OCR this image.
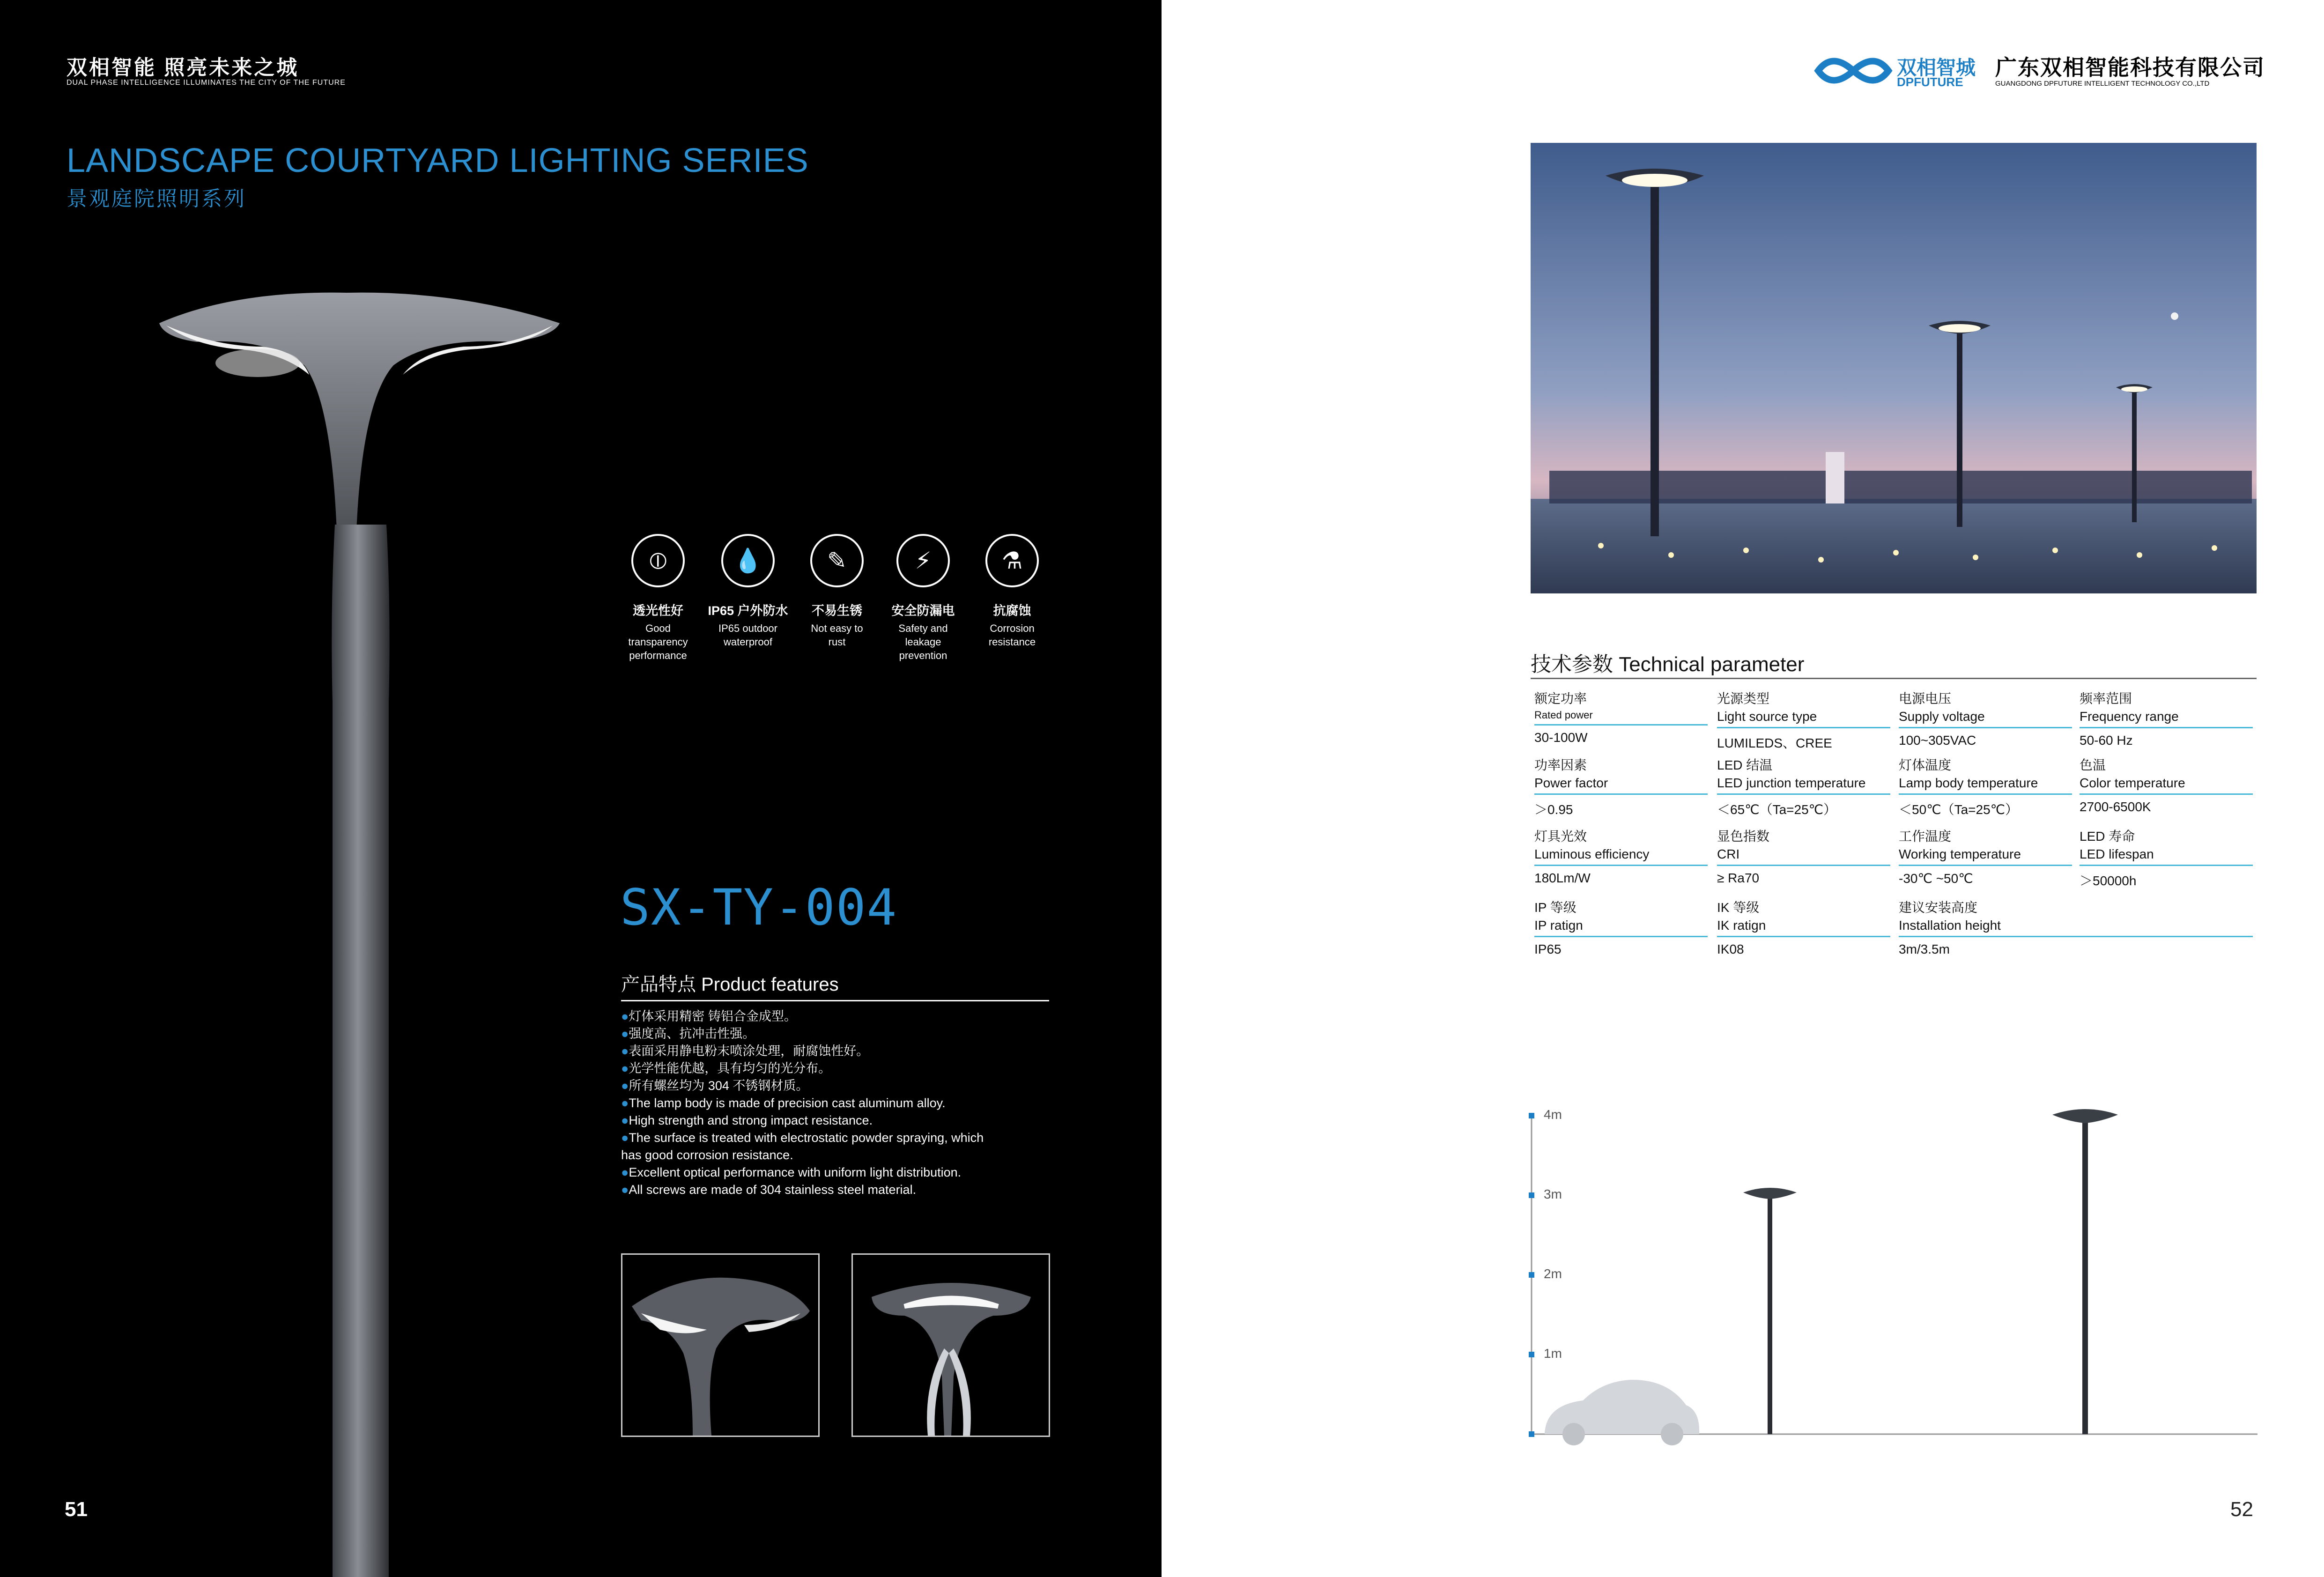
双相智能 照亮未来之城
DUAL PHASE INTELLIGENCE ILLUMINATES THE CITY OF THE FUTURE
LANDSCAPE COURTYARD LIGHTING SERIES
景观庭院照明系列
⦶
透光性好
Good
transparency
performance
💧
IP65 户外防水
IP65 outdoor
waterproof
✎
不易生锈
Not easy to
rust
⚡
安全防漏电
Safety and
leakage
prevention
⚗
抗腐蚀
Corrosion
resistance
SX-TY-004
产品特点 Product features
●灯体采用精密 铸铝合金成型。
●强度高、抗冲击性强。
●表面采用静电粉末喷涂处理，耐腐蚀性好。
●光学性能优越，具有均匀的光分布。
●所有螺丝均为 304 不锈钢材质。
●The lamp body is made of precision cast aluminum alloy.
●High strength and strong impact resistance.
●The surface is treated with electrostatic powder spraying, which
has good corrosion resistance.
●Excellent optical performance with uniform light distribution.
●All screws are made of 304 stainless steel material.
51
双相智城
DPFUTURE
广东双相智能科技有限公司
GUANGDONG DPFUTURE INTELLIGENT TECHNOLOGY CO.,LTD
技术参数 Technical parameter
额定功率
Rated power
30-100W
光源类型
Light source type
LUMILEDS、CREE
电源电压
Supply voltage
100~305VAC
频率范围
Frequency range
50-60 Hz
功率因素
Power factor
＞0.95
LED 结温
LED junction temperature
＜65℃（Ta=25℃）
灯体温度
Lamp body temperature
＜50℃（Ta=25℃）
色温
Color temperature
2700-6500K
灯具光效
Luminous efficiency
180Lm/W
显色指数
CRI
≥ Ra70
工作温度
Working temperature
-30℃ ~50℃
LED 寿命
LED lifespan
＞50000h
IP 等级
IP ratign
IP65
IK 等级
IK ratign
IK08
建议安装高度
Installation height
3m/3.5m
4m
3m
2m
1m
52
